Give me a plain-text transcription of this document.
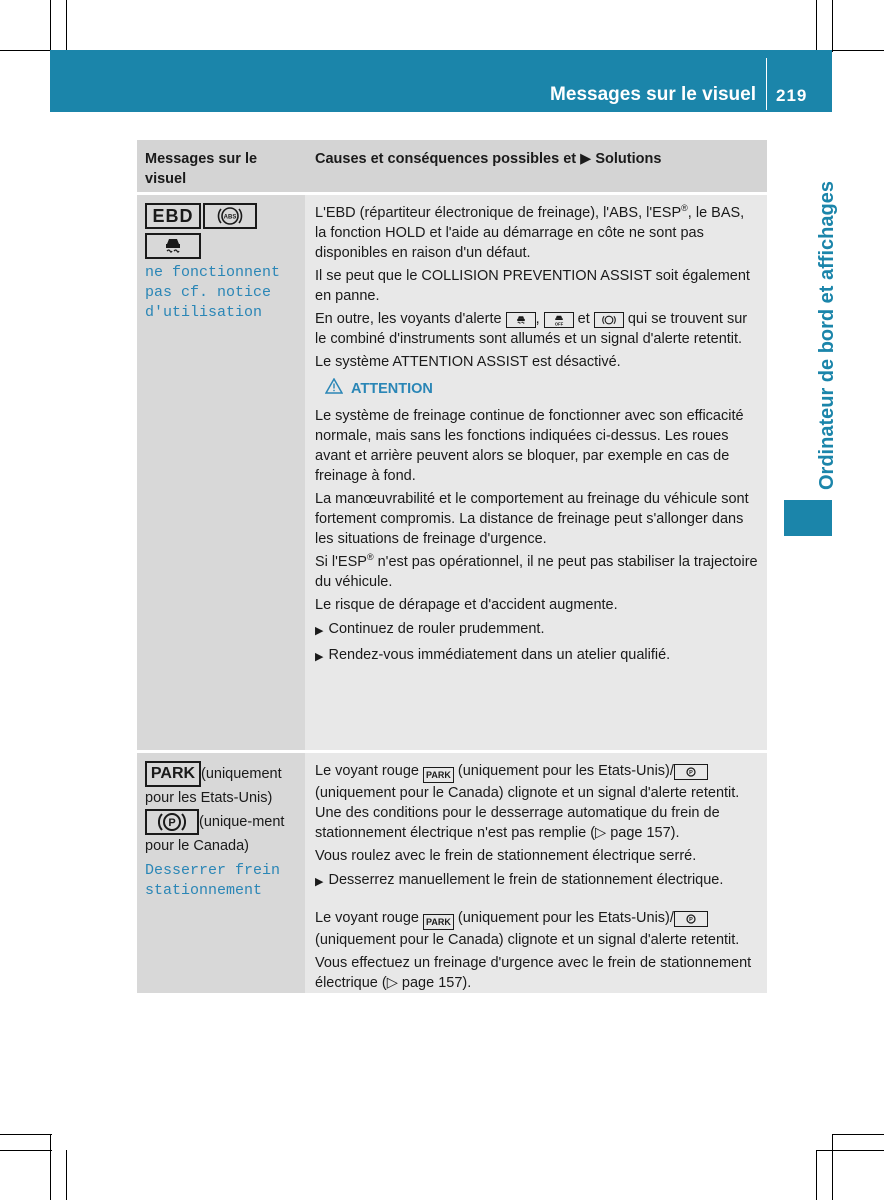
Messages sur le visuel 219
Ordinateur de bord et affichages
Messages sur le visuel
Causes et conséquences possibles et ▶ Solutions
EBD	ABS
ne fonctionnent pas cf. notice d'utilisation

L'EBD (répartiteur électronique de freinage), l'ABS, l'ESP®, le BAS, la fonction HOLD et l'aide au démarrage en côte ne sont pas disponibles en raison d'un défaut.

Il se peut que le COLLISION PREVENTION ASSIST soit également en panne.

En outre, les voyants d'alerte , OFF et	qui se trouvent sur le combiné d'instruments sont allumés et un signal d'alerte retentit.

Le système ATTENTION ASSIST est désactivé.

ATTENTION

Le système de freinage continue de fonctionner avec son efficacité normale, mais sans les fonctions indiquées ci-dessus. Les roues avant et arrière peuvent alors se bloquer, par exemple en cas de freinage à fond.

La manœuvrabilité et le comportement au freinage du véhicule sont fortement compromis. La distance de freinage peut s'allonger dans les situations de freinage d'urgence.

Si l'ESP® n'est pas opérationnel, il ne peut pas stabiliser la trajectoire du véhicule.

Le risque de dérapage et d'accident augmente.

▶ Continuez de rouler prudemment.
▶ Rendez-vous immédiatement dans un atelier qualifié.
PARK (uniquement pour les Etats-Unis)
P (unique-ment pour le Canada)
Desserrer frein stationnement

Le voyant rouge PARK (uniquement pour les Etats-Unis)/ P
(uniquement pour le Canada) clignote et un signal d'alerte retentit. Une des conditions pour le desserrage automatique du frein de stationnement électrique n'est pas remplie (▷ page 157).

Vous roulez avec le frein de stationnement électrique serré.

▶ Desserrez manuellement le frein de stationnement électrique.

Le voyant rouge PARK (uniquement pour les Etats-Unis)/ P
(uniquement pour le Canada) clignote et un signal d'alerte retentit.

Vous effectuez un freinage d'urgence avec le frein de stationnement électrique (▷ page 157).
